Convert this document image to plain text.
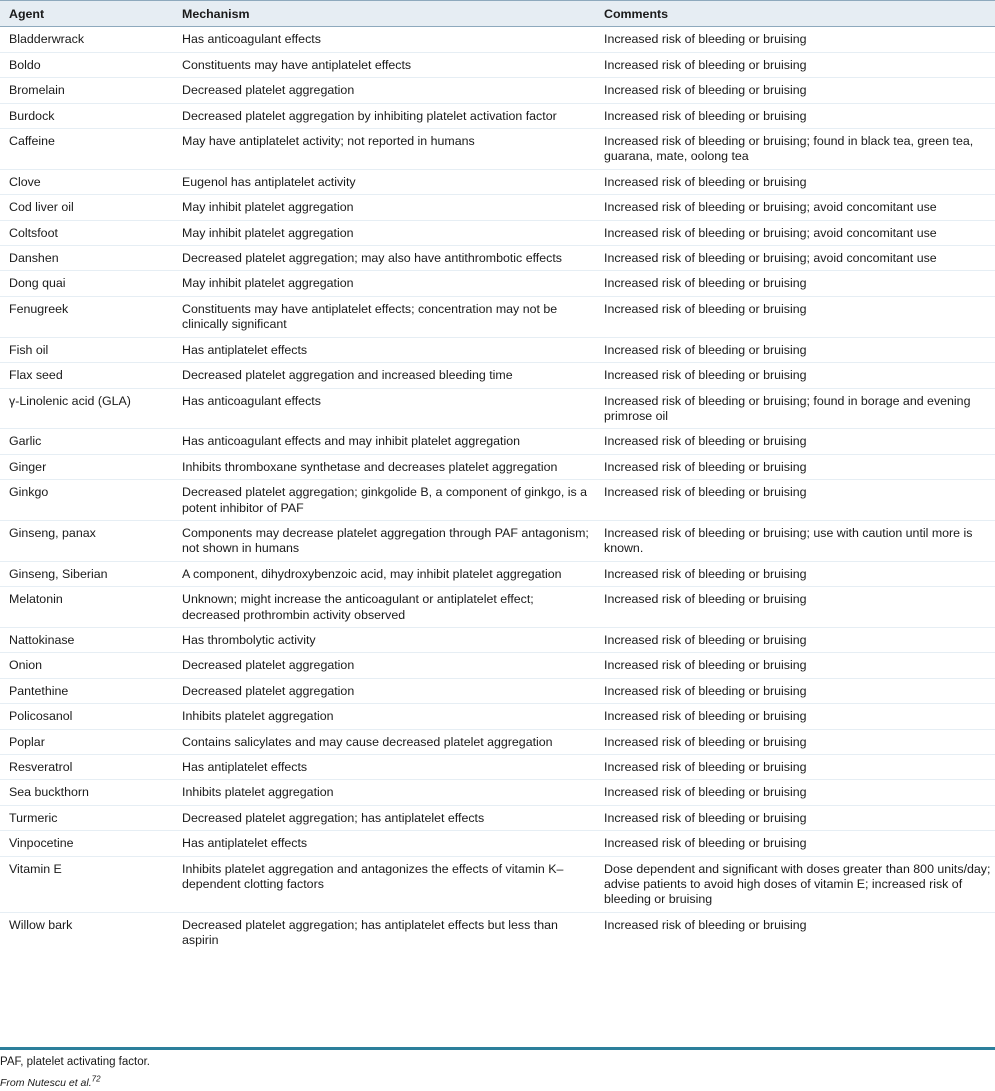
Agent	Mechanism	Comments
Bladderwrack	Has anticoagulant effects	Increased risk of bleeding or bruising
Boldo	Constituents may have antiplatelet effects	Increased risk of bleeding or bruising
Bromelain	Decreased platelet aggregation	Increased risk of bleeding or bruising
Burdock	Decreased platelet aggregation by inhibiting platelet activation factor	Increased risk of bleeding or bruising
Caffeine	May have antiplatelet activity; not reported in humans	Increased risk of bleeding or bruising; found in black tea, green tea, guarana, mate, oolong tea
Clove	Eugenol has antiplatelet activity	Increased risk of bleeding or bruising
Cod liver oil	May inhibit platelet aggregation	Increased risk of bleeding or bruising; avoid concomitant use
Coltsfoot	May inhibit platelet aggregation	Increased risk of bleeding or bruising; avoid concomitant use
Danshen	Decreased platelet aggregation; may also have antithrombotic effects	Increased risk of bleeding or bruising; avoid concomitant use
Dong quai	May inhibit platelet aggregation	Increased risk of bleeding or bruising
Fenugreek	Constituents may have antiplatelet effects; concentration may not be clinically significant	Increased risk of bleeding or bruising
Fish oil	Has antiplatelet effects	Increased risk of bleeding or bruising
Flax seed	Decreased platelet aggregation and increased bleeding time	Increased risk of bleeding or bruising
γ-Linolenic acid (GLA)	Has anticoagulant effects	Increased risk of bleeding or bruising; found in borage and evening primrose oil
Garlic	Has anticoagulant effects and may inhibit platelet aggregation	Increased risk of bleeding or bruising
Ginger	Inhibits thromboxane synthetase and decreases platelet aggregation	Increased risk of bleeding or bruising
Ginkgo	Decreased platelet aggregation; ginkgolide B, a component of ginkgo, is a potent inhibitor of PAF	Increased risk of bleeding or bruising
Ginseng, panax	Components may decrease platelet aggregation through PAF antagonism; not shown in humans	Increased risk of bleeding or bruising; use with caution until more is known.
Ginseng, Siberian	A component, dihydroxybenzoic acid, may inhibit platelet aggregation	Increased risk of bleeding or bruising
Melatonin	Unknown; might increase the anticoagulant or antiplatelet effect; decreased prothrombin activity observed	Increased risk of bleeding or bruising
Nattokinase	Has thrombolytic activity	Increased risk of bleeding or bruising
Onion	Decreased platelet aggregation	Increased risk of bleeding or bruising
Pantethine	Decreased platelet aggregation	Increased risk of bleeding or bruising
Policosanol	Inhibits platelet aggregation	Increased risk of bleeding or bruising
Poplar	Contains salicylates and may cause decreased platelet aggregation	Increased risk of bleeding or bruising
Resveratrol	Has antiplatelet effects	Increased risk of bleeding or bruising
Sea buckthorn	Inhibits platelet aggregation	Increased risk of bleeding or bruising
Turmeric	Decreased platelet aggregation; has antiplatelet effects	Increased risk of bleeding or bruising
Vinpocetine	Has antiplatelet effects	Increased risk of bleeding or bruising
Vitamin E	Inhibits platelet aggregation and antagonizes the effects of vitamin K–dependent clotting factors	Dose dependent and significant with doses greater than 800 units/day; advise patients to avoid high doses of vitamin E; increased risk of bleeding or bruising
Willow bark	Decreased platelet aggregation; has antiplatelet effects but less than aspirin	Increased risk of bleeding or bruising
PAF, platelet activating factor.
From Nutescu et al.$^{72}$
